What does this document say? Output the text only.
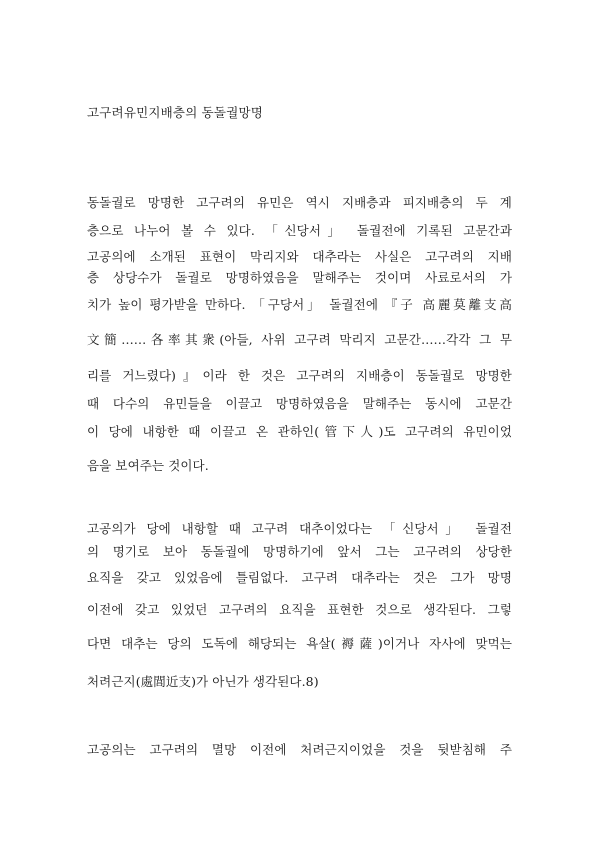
고구려유민지배층의 동돌궐망명
동돌궐로 망명한 고구려의 유민은 역시 지배층과 피지배층의 두 계
층으로 나누어 볼 수 있다. 「신당서」 돌궐전에 기록된 고문간과
고공의에 소개된 표현이 막리지와 대추라는 사실은 고구려의 지배
층 상당수가 돌궐로 망명하였음을 말해주는 것이며 사료로서의 가
치가 높이 평가받을 만하다. 「구당서」 돌궐전에 『子 高麗莫離支高
文簡……各率其衆(아들, 사위 고구려 막리지 고문간……각각 그 무
리를 거느렸다)』이라 한 것은 고구려의 지배층이 동돌궐로 망명한
때 다수의 유민들을 이끌고 망명하였음을 말해주는 동시에 고문간
이 당에 내항한 때 이끌고 온 관하인(管下人)도 고구려의 유민이었
음을 보여주는 것이다.
고공의가 당에 내항할 때 고구려 대추이었다는 「신당서」 돌궐전
의 명기로 보아 동돌궐에 망명하기에 앞서 그는 고구려의 상당한
요직을 갖고 있었음에 틀림없다. 고구려 대추라는 것은 그가 망명
이전에 갖고 있었던 고구려의 요직을 표현한 것으로 생각된다. 그렇
다면 대추는 당의 도독에 해당되는 욕살(褥薩)이거나 자사에 맞먹는
처려근지(處閭近支)가 아닌가 생각된다.8)
고공의는 고구려의 멸망 이전에 처려근지이었을 것을 뒷받침해 주
